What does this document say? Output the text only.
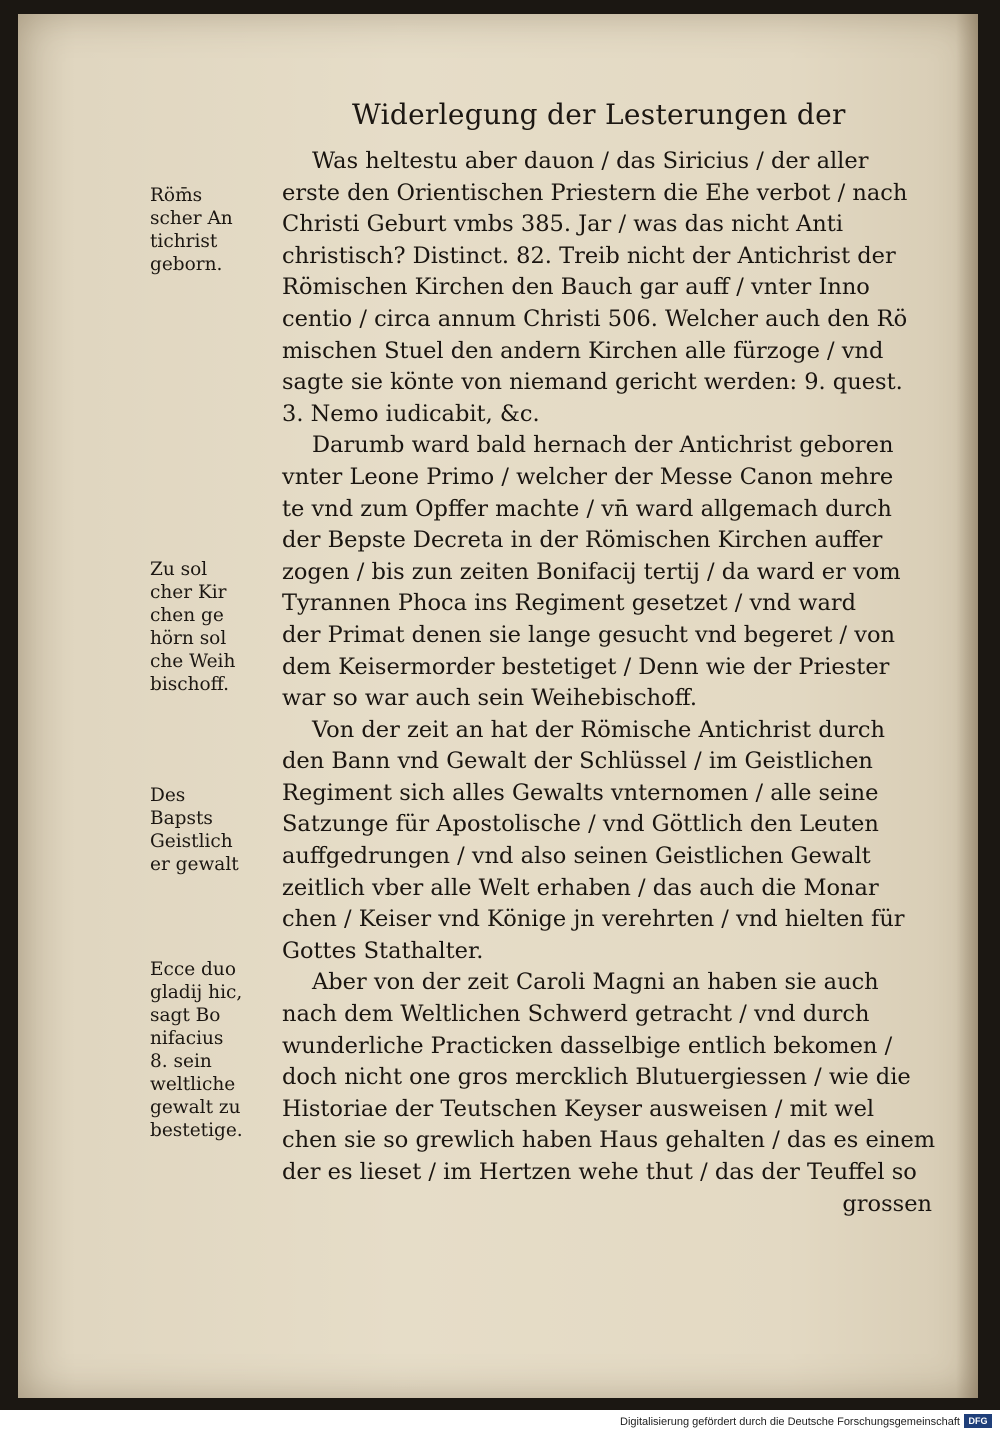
Widerlegung der Lesterungen der
Röm̄s
scher An
tichrist
geborn.
Zu sol
cher Kir
chen ge
hörn sol
che Weih
bischoff.
Des
Bapsts
Geistlich
er gewalt
Ecce duo
gladij hic,
sagt Bo
nifacius
8. sein
weltliche
gewalt zu
bestetige.
Was heltestu aber dauon / das Siricius / der aller
erste den Orientischen Priestern die Ehe verbot / nach
Christi Geburt vmbs 385. Jar / was das nicht Anti
christisch? Distinct. 82. Treib nicht der Antichrist der
Römischen Kirchen den Bauch gar auff / vnter Inno
centio / circa annum Christi 506. Welcher auch den Rö
mischen Stuel den andern Kirchen alle fürzoge / vnd
sagte sie könte von niemand gericht werden: 9. quest.
3. Nemo iudicabit, &c.
Darumb ward bald hernach der Antichrist geboren
vnter Leone Primo / welcher der Messe Canon mehre
te vnd zum Opffer machte / vn̄ ward allgemach durch
der Bepste Decreta in der Römischen Kirchen auffer
zogen / bis zun zeiten Bonifacij tertij / da ward er vom
Tyrannen Phoca ins Regiment gesetzet / vnd ward
der Primat denen sie lange gesucht vnd begeret / von
dem Keisermorder bestetiget / Denn wie der Priester
war so war auch sein Weihebischoff.
Von der zeit an hat der Römische Antichrist durch
den Bann vnd Gewalt der Schlüssel / im Geistlichen
Regiment sich alles Gewalts vnternomen / alle seine
Satzunge für Apostolische / vnd Göttlich den Leuten
auffgedrungen / vnd also seinen Geistlichen Gewalt
zeitlich vber alle Welt erhaben / das auch die Monar
chen / Keiser vnd Könige jn verehrten / vnd hielten für
Gottes Stathalter.
Aber von der zeit Caroli Magni an haben sie auch
nach dem Weltlichen Schwerd getracht / vnd durch
wunderliche Practicken dasselbige entlich bekomen /
doch nicht one gros mercklich Blutuergiessen / wie die
Historiae der Teutschen Keyser ausweisen / mit wel
chen sie so grewlich haben Haus gehalten / das es einem
der es lieset / im Hertzen wehe thut / das der Teuffel so
grossen
Digitalisierung gefördert durch die Deutsche Forschungsgemeinschaft DFG
